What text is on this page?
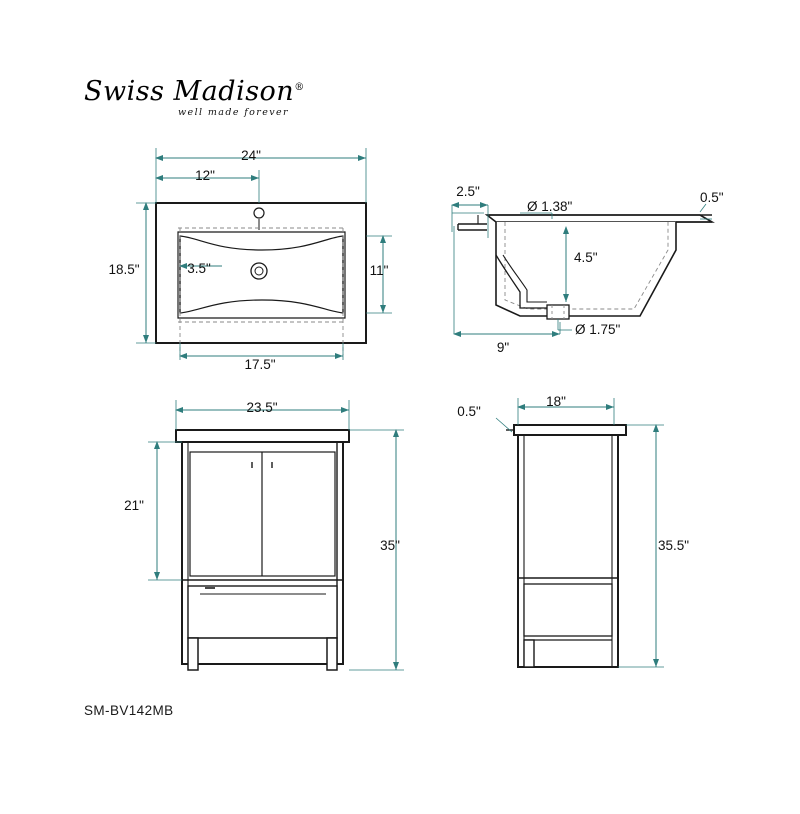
Swiss Madison®
well made forever
24"
12"
18.5"	3.5"	11"
17.5"
2.5"
Ø 1.38"
0.5"
4.5"
Ø 1.75"
9"
23.5"
21"
35"
0.5"
18"
35.5"
SM-BV142MB
